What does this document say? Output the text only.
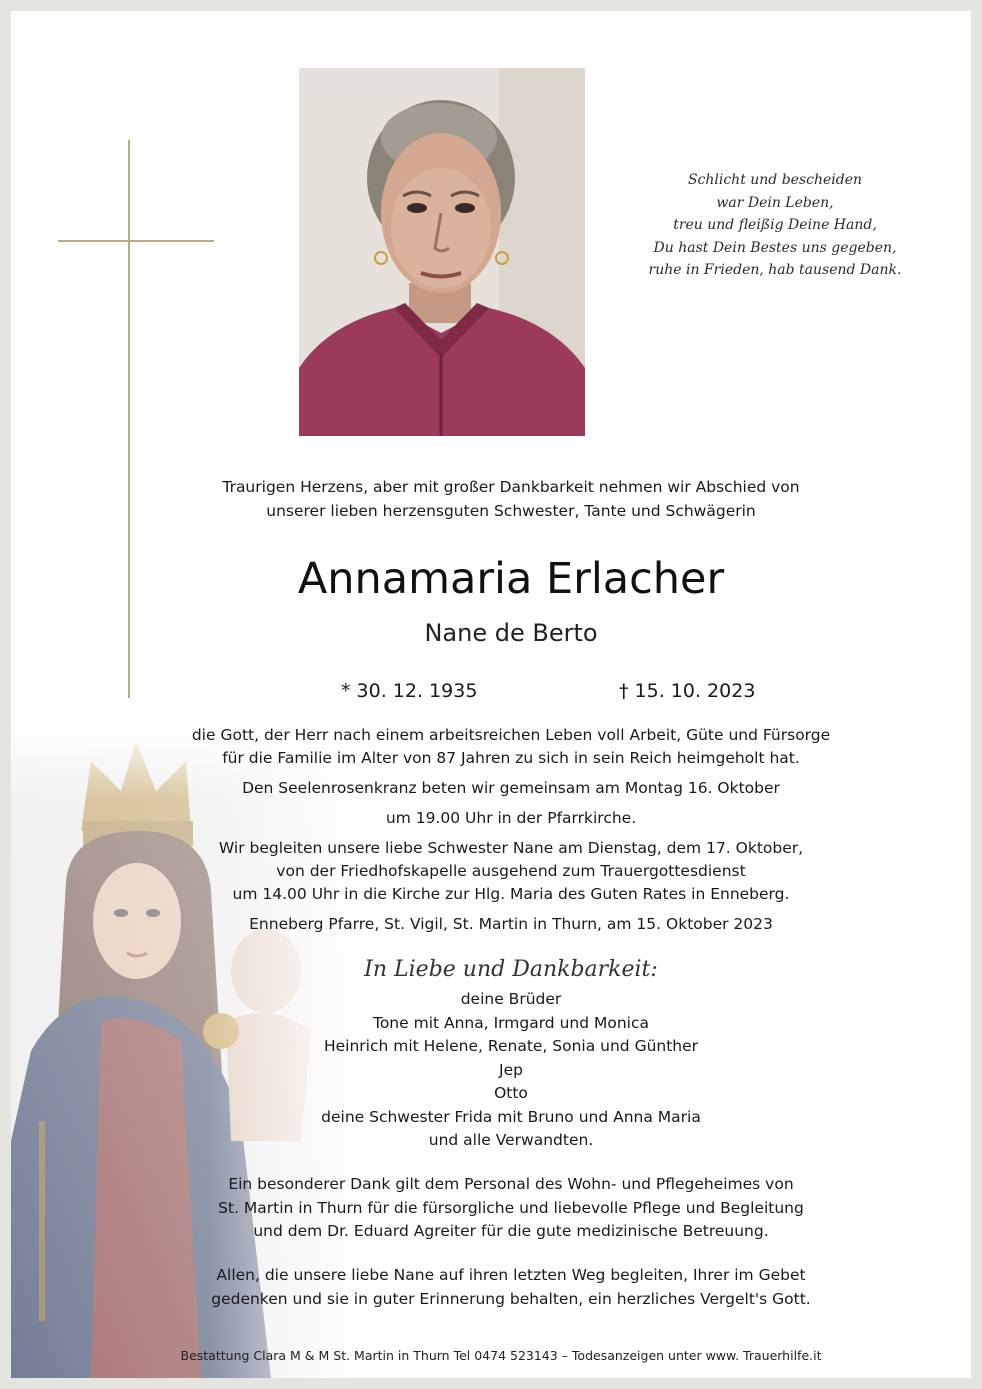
Schlicht und bescheiden
war Dein Leben,
treu und fleißig Deine Hand,
Du hast Dein Bestes uns gegeben,
ruhe in Frieden, hab tausend Dank.
Traurigen Herzens, aber mit großer Dankbarkeit nehmen wir Abschied von
unserer lieben herzensguten Schwester, Tante und Schwägerin
Annamaria Erlacher
Nane de Berto
* 30. 12. 1935	† 15. 10. 2023
die Gott, der Herr nach einem arbeitsreichen Leben voll Arbeit, Güte und Fürsorge
für die Familie im Alter von 87 Jahren zu sich in sein Reich heimgeholt hat.
Den Seelenrosenkranz beten wir gemeinsam am Montag 16. Oktober
um 19.00 Uhr in der Pfarrkirche.
Wir begleiten unsere liebe Schwester Nane am Dienstag, dem 17. Oktober,
von der Friedhofskapelle ausgehend zum Trauergottesdienst
um 14.00 Uhr in die Kirche zur Hlg. Maria des Guten Rates in Enneberg.
Enneberg Pfarre, St. Vigil, St. Martin in Thurn, am 15. Oktober 2023
In Liebe und Dankbarkeit:
deine Brüder
Tone mit Anna, Irmgard und Monica
Heinrich mit Helene, Renate, Sonia und Günther
Jep
Otto
deine Schwester Frida mit Bruno und Anna Maria
und alle Verwandten.
Ein besonderer Dank gilt dem Personal des Wohn- und Pflegeheimes von
St. Martin in Thurn für die fürsorgliche und liebevolle Pflege und Begleitung
und dem Dr. Eduard Agreiter für die gute medizinische Betreuung.
Allen, die unsere liebe Nane auf ihren letzten Weg begleiten, Ihrer im Gebet
gedenken und sie in guter Erinnerung behalten, ein herzliches Vergelt's Gott.
Bestattung Clara M & M St. Martin in Thurn Tel 0474 523143 – Todesanzeigen unter www. Trauerhilfe.it
